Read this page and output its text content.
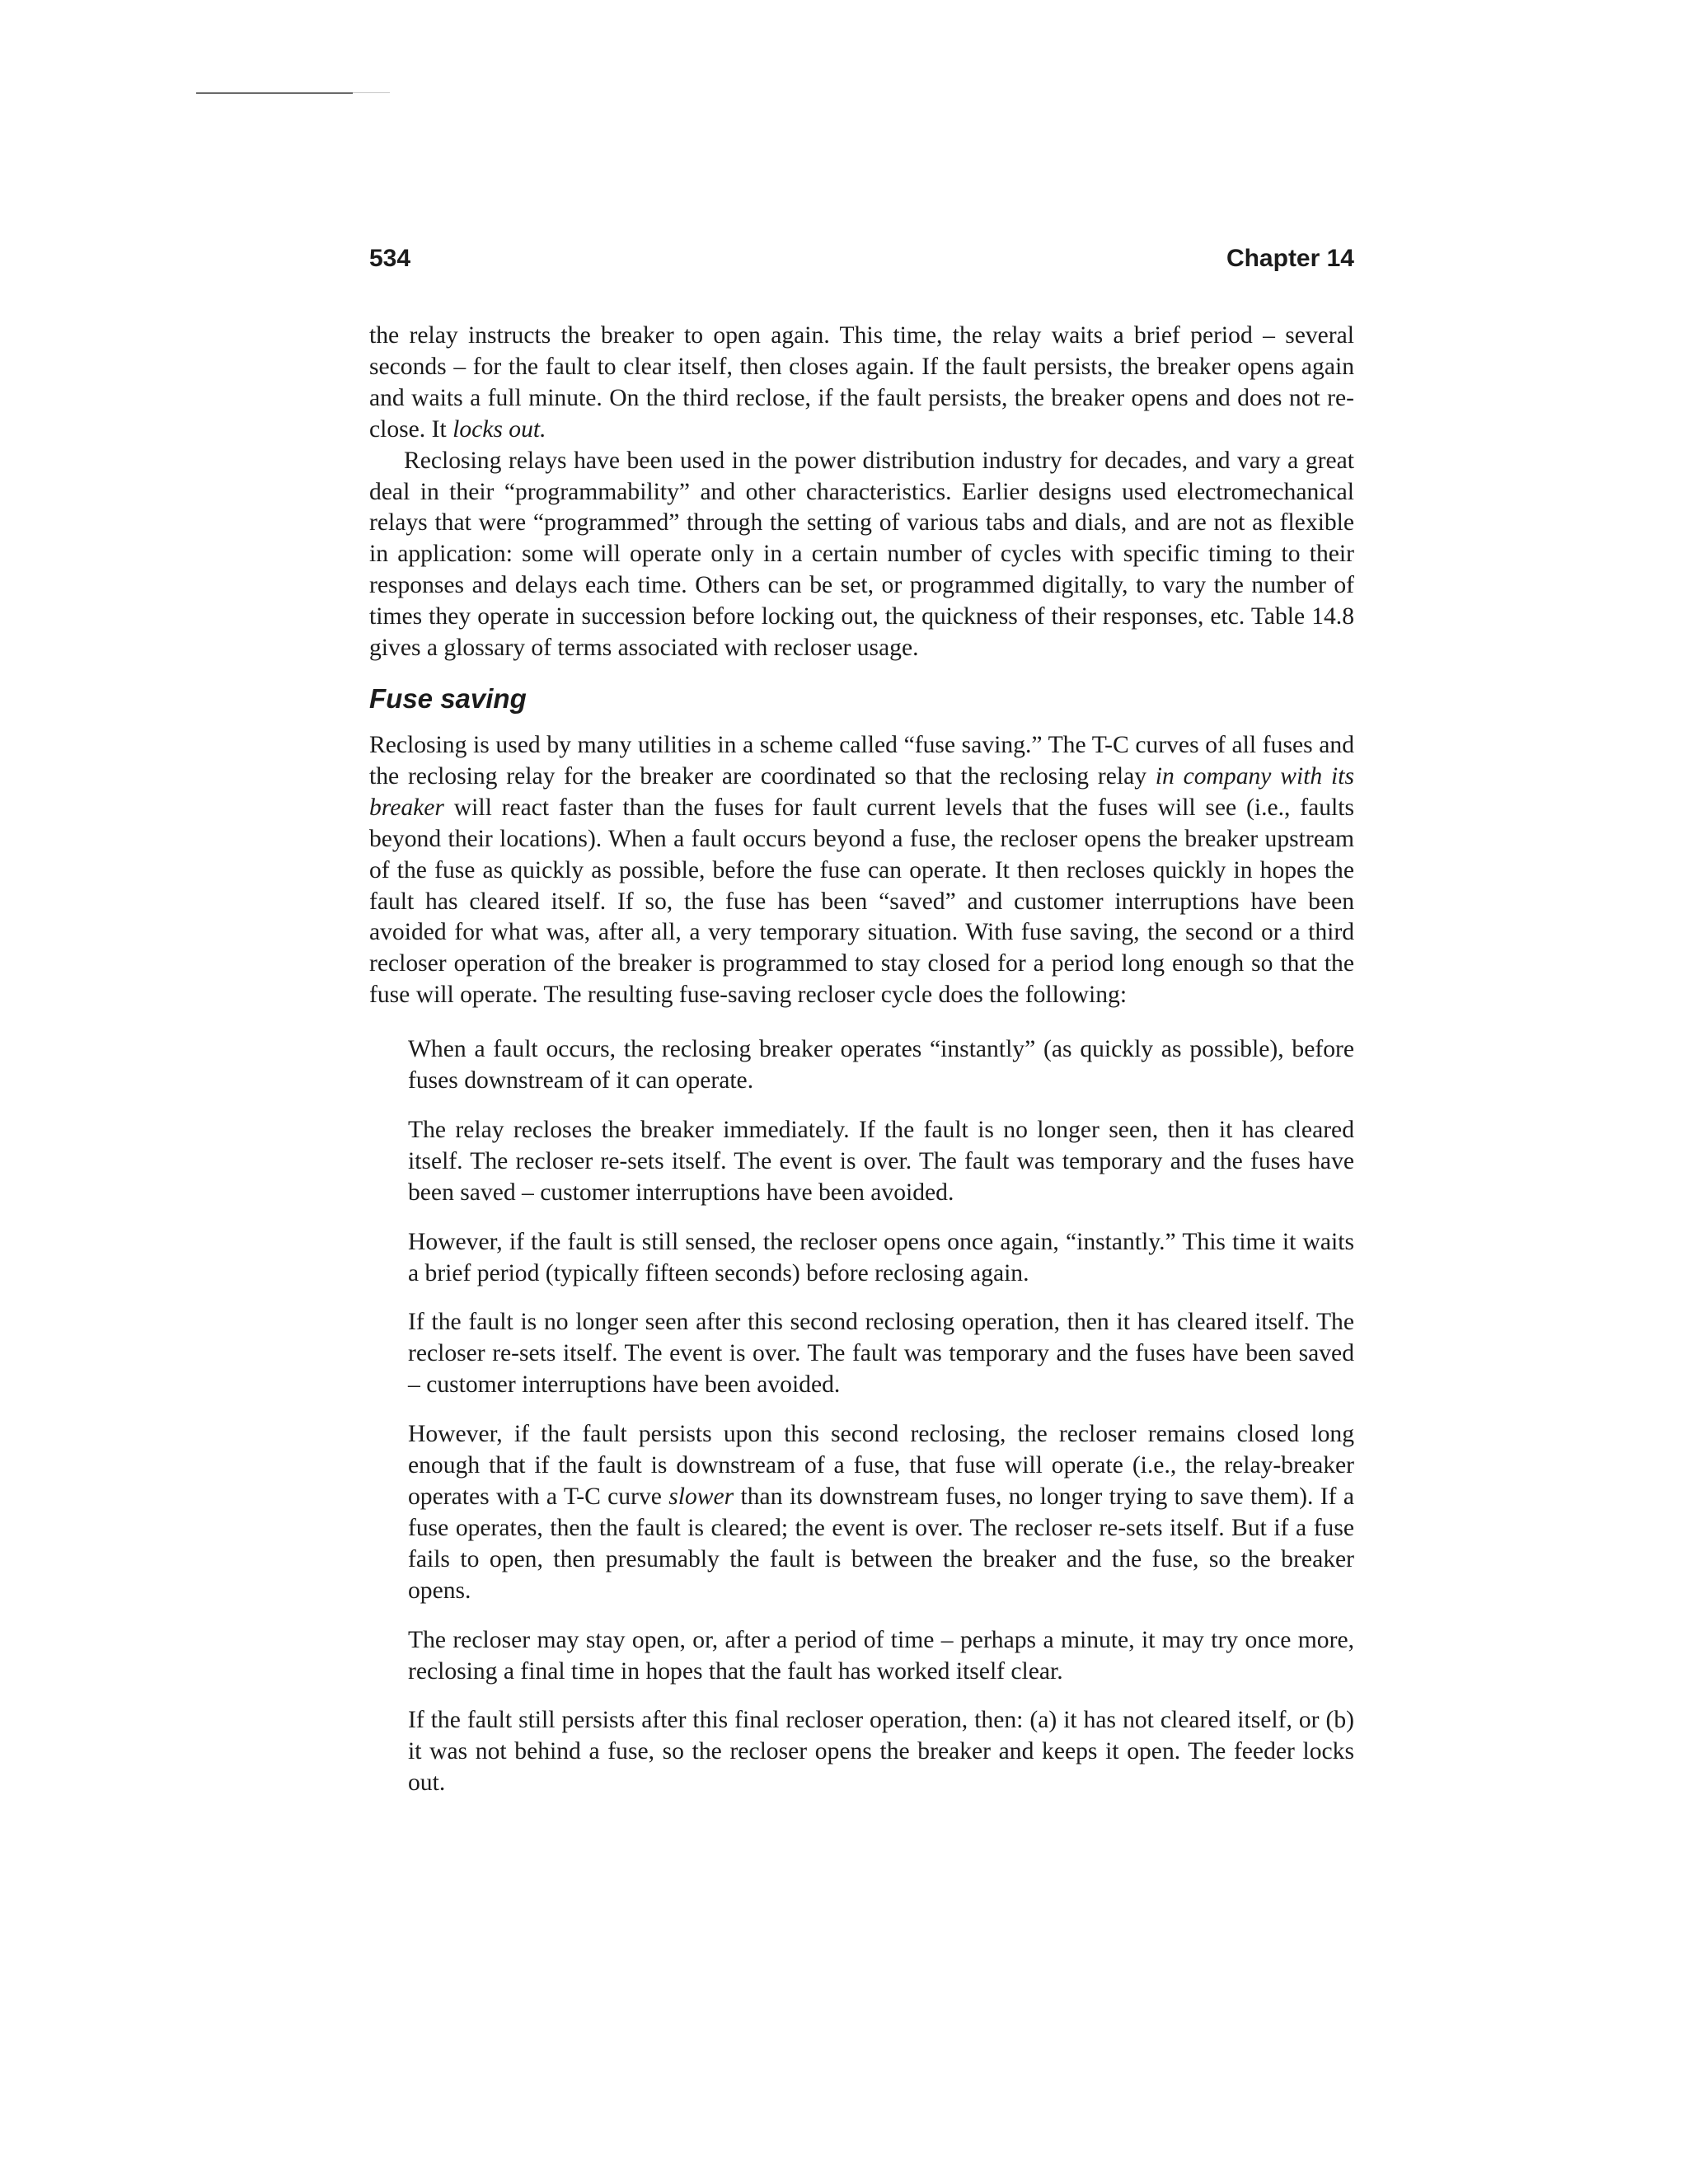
534	Chapter 14

the relay instructs the breaker to open again. This time, the relay waits a brief period – several seconds – for the fault to clear itself, then closes again. If the fault persists, the breaker opens again and waits a full minute. On the third reclose, if the fault persists, the breaker opens and does not re-close. It locks out.

Reclosing relays have been used in the power distribution industry for decades, and vary a great deal in their “programmability” and other characteristics. Earlier designs used electromechanical relays that were “programmed” through the setting of various tabs and dials, and are not as flexible in application: some will operate only in a certain number of cycles with specific timing to their responses and delays each time. Others can be set, or programmed digitally, to vary the number of times they operate in succession before locking out, the quickness of their responses, etc. Table 14.8 gives a glossary of terms associated with recloser usage.

Fuse saving

Reclosing is used by many utilities in a scheme called “fuse saving.” The T-C curves of all fuses and the reclosing relay for the breaker are coordinated so that the reclosing relay in company with its breaker will react faster than the fuses for fault current levels that the fuses will see (i.e., faults beyond their locations). When a fault occurs beyond a fuse, the recloser opens the breaker upstream of the fuse as quickly as possible, before the fuse can operate. It then recloses quickly in hopes the fault has cleared itself. If so, the fuse has been “saved” and customer interruptions have been avoided for what was, after all, a very temporary situation. With fuse saving, the second or a third recloser operation of the breaker is programmed to stay closed for a period long enough so that the fuse will operate. The resulting fuse-saving recloser cycle does the following:

When a fault occurs, the reclosing breaker operates “instantly” (as quickly as possible), before fuses downstream of it can operate.

The relay recloses the breaker immediately. If the fault is no longer seen, then it has cleared itself. The recloser re-sets itself. The event is over. The fault was temporary and the fuses have been saved – customer interruptions have been avoided.

However, if the fault is still sensed, the recloser opens once again, “instantly.” This time it waits a brief period (typically fifteen seconds) before reclosing again.

If the fault is no longer seen after this second reclosing operation, then it has cleared itself. The recloser re-sets itself. The event is over. The fault was temporary and the fuses have been saved – customer interruptions have been avoided.

However, if the fault persists upon this second reclosing, the recloser remains closed long enough that if the fault is downstream of a fuse, that fuse will operate (i.e., the relay-breaker operates with a T-C curve slower than its downstream fuses, no longer trying to save them). If a fuse operates, then the fault is cleared; the event is over. The recloser re-sets itself. But if a fuse fails to open, then presumably the fault is between the breaker and the fuse, so the breaker opens.

The recloser may stay open, or, after a period of time – perhaps a minute, it may try once more, reclosing a final time in hopes that the fault has worked itself clear.

If the fault still persists after this final recloser operation, then: (a) it has not cleared itself, or (b) it was not behind a fuse, so the recloser opens the breaker and keeps it open. The feeder locks out.
